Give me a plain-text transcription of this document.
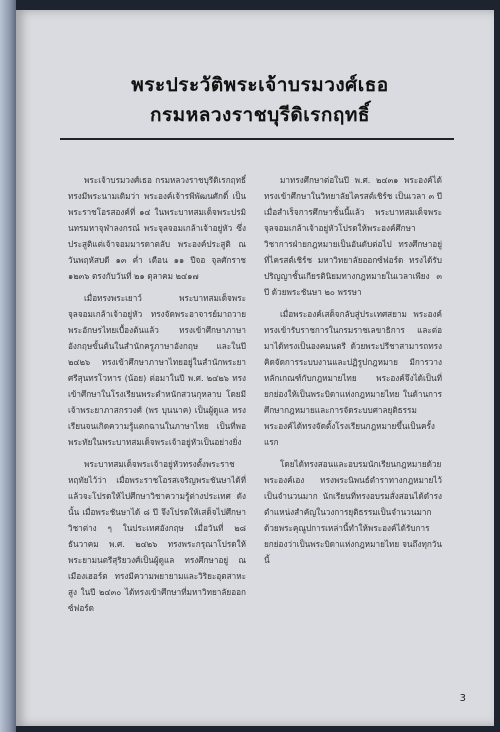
พระประวัติพระเจ้าบรมวงศ์เธอ
กรมหลวงราชบุรีดิเรกฤทธิ์

พระเจ้าบรมวงศ์เธอ กรมหลวงราชบุรีดิเรกฤทธิ์ ทรงมีพระนามเดิมว่า พระองค์เจ้ารพีพัฒนศักดิ์ เป็นพระราชโอรสองค์ที่ ๑๔ ในพระบาทสมเด็จพระปรมินทรมหาจุฬาลงกรณ์ พระจุลจอมเกล้าเจ้าอยู่หัว ซึ่งประสูติแต่เจ้าจอมมารดาตลับ พระองค์ประสูติ ณ วันพฤหัสบดี ๑๓ ค่ำ เดือน ๑๑ ปีจอ จุลศักราช ๑๒๓๖ ตรงกับวันที่ ๒๑ ตุลาคม ๒๔๑๗

เมื่อทรงพระเยาว์ พระบาทสมเด็จพระจุลจอมเกล้าเจ้าอยู่หัว ทรงจัดพระอาจารย์มาถวายพระอักษรไทยเบื้องต้นแล้ว ทรงเข้าศึกษาภาษาอังกฤษขั้นต้นในสำนักครูภาษาอังกฤษ และในปี ๒๔๒๖ ทรงเข้าศึกษาภาษาไทยอยู่ในสำนักพระยาศรีสุนทรโวหาร (น้อย) ต่อมาในปี พ.ศ. ๒๔๒๖ ทรงเข้าศึกษาในโรงเรียนพระตำหนักสวนกุหลาบ โดยมีเจ้าพระยาภาสกรวงศ์ (พร บุนนาค) เป็นผู้ดูแล ทรงเรียนจนเกิดความรู้แตกฉานในภาษาไทย เป็นที่พอพระทัยในพระบาทสมเด็จพระเจ้าอยู่หัวเป็นอย่างยิ่ง

พระบาทสมเด็จพระเจ้าอยู่หัวทรงตั้งพระราชหฤทัยไว้ว่า เมื่อพระราชโอรสเจริญพระชันษาได้ที่แล้วจะโปรดให้ไปศึกษาวิชาความรู้ต่างประเทศ ดังนั้น เมื่อพระชันษาได้ ๘ ปี จึงโปรดให้เสด็จไปศึกษาวิชาต่าง ๆ ในประเทศอังกฤษ เมื่อวันที่ ๒๘ ธันวาคม พ.ศ. ๒๔๒๖ ทรงพระกรุณาโปรดให้พระยามนตรีสุริยวงศ์เป็นผู้ดูแล ทรงศึกษาอยู่ ณ เมืองเฮอร์ต ทรงมีความพยายามและวิริยะอุตสาหะสูง ในปี ๒๔๓๐ ได้ทรงเข้าศึกษาที่มหาวิทยาลัยออกซ์ฟอร์ด

มาทรงศึกษาต่อในปี พ.ศ. ๒๔๓๑ พระองค์ได้ทรงเข้าศึกษาในวิทยาลัยไครสต์เชิร์ช เป็นเวลา ๓ ปี เมื่อสำเร็จการศึกษาชั้นนี้แล้ว พระบาทสมเด็จพระจุลจอมเกล้าเจ้าอยู่หัวโปรดให้พระองค์ศึกษาวิชาการฝ่ายกฎหมายเป็นอันดับต่อไป ทรงศึกษาอยู่ที่ไครสต์เชิร์ช มหาวิทยาลัยออกซ์ฟอร์ด ทรงได้รับปริญญาชั้นเกียรตินิยมทางกฎหมายในเวลาเพียง ๓ ปี ด้วยพระชันษา ๒๐ พรรษา

เมื่อพระองค์เสด็จกลับสู่ประเทศสยาม พระองค์ทรงเข้ารับราชการในกรมราชเลขาธิการ และต่อมาได้ทรงเป็นองคมนตรี ด้วยพระปรีชาสามารถทรงคิดจัดการระบบงานและปฏิรูปกฎหมาย มีการวางหลักเกณฑ์กับกฎหมายไทย พระองค์จึงได้เป็นที่ยกย่องให้เป็นพระบิดาแห่งกฎหมายไทย ในด้านการศึกษากฎหมายและการจัดระบบศาลยุติธรรม พระองค์ได้ทรงจัดตั้งโรงเรียนกฎหมายขึ้นเป็นครั้งแรก

โดยได้ทรงสอนและอบรมนักเรียนกฎหมายด้วยพระองค์เอง ทรงพระนิพนธ์ตำราทางกฎหมายไว้เป็นจำนวนมาก นักเรียนที่ทรงอบรมสั่งสอนได้ดำรงตำแหน่งสำคัญในวงการยุติธรรมเป็นจำนวนมาก ด้วยพระคุณูปการเหล่านี้ทำให้พระองค์ได้รับการยกย่องว่าเป็นพระบิดาแห่งกฎหมายไทย จนถึงทุกวันนี้

3
